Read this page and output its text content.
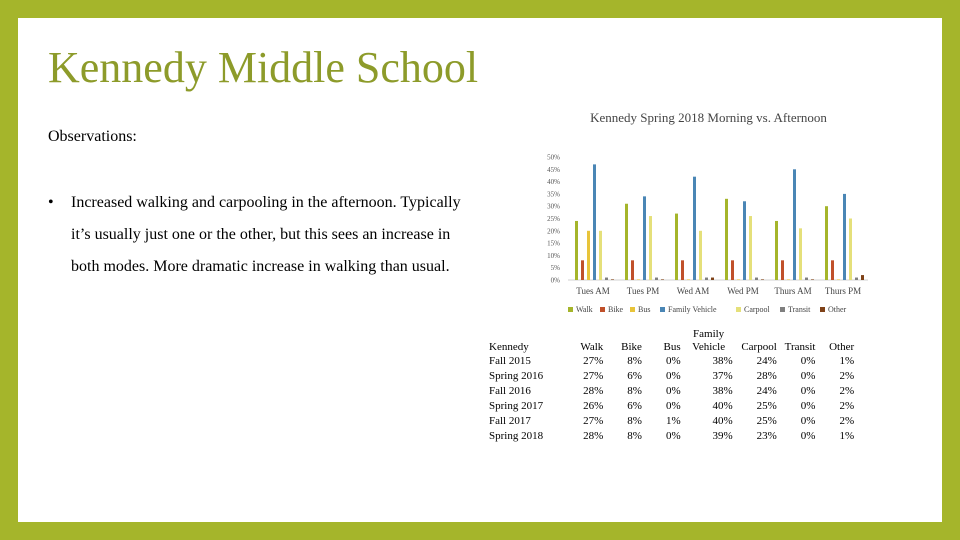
Kennedy Middle School
Observations:
• Increased walking and carpooling in the afternoon. Typically it’s usually just one or the other, but this sees an increase in both modes. More dramatic increase in walking than usual.
Kennedy Spring 2018 Morning vs. Afternoon
0%
5%
10%
15%
20%
25%
30%
35%
40%
45%
50%
Tues AM Tues PM Wed AM Wed PM Thurs AM Thurs PM
Walk Bike Bus Family Vehicle	Carpool Transit Other
Kennedy	Walk	Bike	Bus	Family Vehicle	Carpool	Transit	Other
Fall 2015	27%	8%	0%	38%	24%	0%	1%
Spring 2016	27%	6%	0%	37%	28%	0%	2%
Fall 2016	28%	8%	0%	38%	24%	0%	2%
Spring 2017	26%	6%	0%	40%	25%	0%	2%
Fall 2017	27%	8%	1%	40%	25%	0%	2%
Spring 2018	28%	8%	0%	39%	23%	0%	1%
